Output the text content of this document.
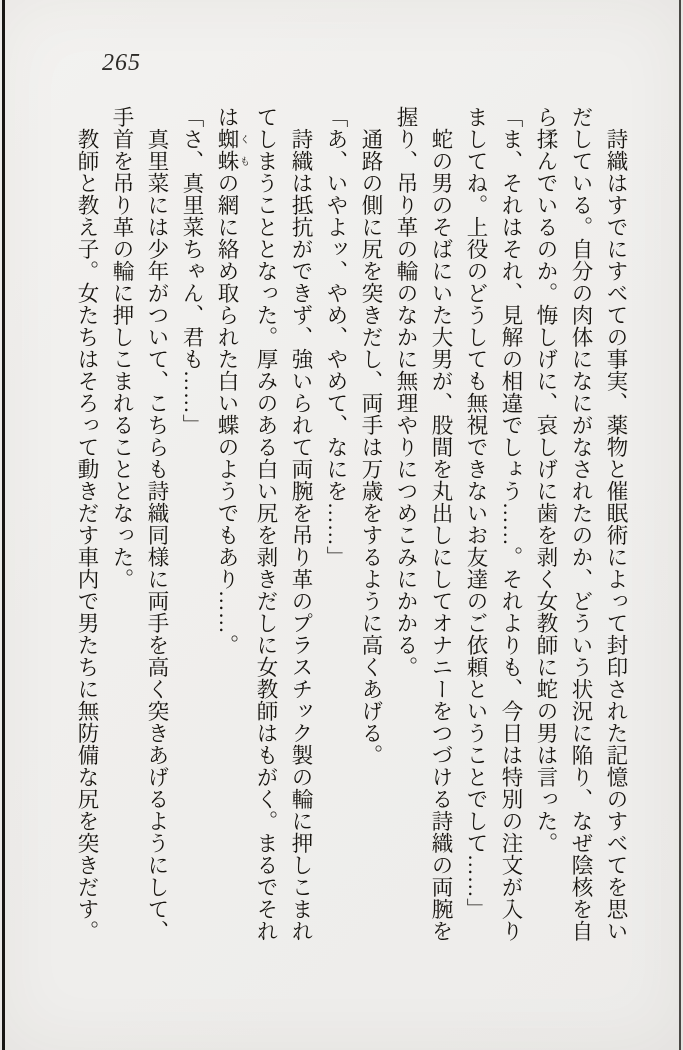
265

　詩織はすでにすべての事実、薬物と催眠術によって封印された記憶のすべてを思い

だしている。自分の肉体になにがなされたのか、どういう状況に陥り、なぜ陰核を自

ら揉んでいるのか。悔しげに、哀しげに歯を剥く女教師に蛇の男は言った。

「ま、それはそれ、見解の相違でしょう……。それよりも、今日は特別の注文が入り

ましてね。上役のどうしても無視できないお友達のご依頼ということでして……」

　蛇の男のそばにいた大男が、股間を丸出しにしてオナニーをつづける詩織の両腕を

握り、吊り革の輪のなかに無理やりにつめこみにかかる。

　通路の側に尻を突きだし、両手は万歳をするように高くあげる。

「あ、いやよッ、やめ、やめて、なにを……」

　詩織は抵抗ができず、強いられて両腕を吊り革のプラスチック製の輪に押しこまれ

てしまうこととなった。厚みのある白い尻を剥きだしに女教師はもがく。まるでそれ

は蜘蛛くもの網に絡め取られた白い蝶のようでもあり……。

「さ、真里菜ちゃん、君も……」

　真里菜には少年がついて、こちらも詩織同様に両手を高く突きあげるようにして、

手首を吊り革の輪に押しこまれることとなった。

　教師と教え子。女たちはそろって動きだす車内で男たちに無防備な尻を突きだす。
